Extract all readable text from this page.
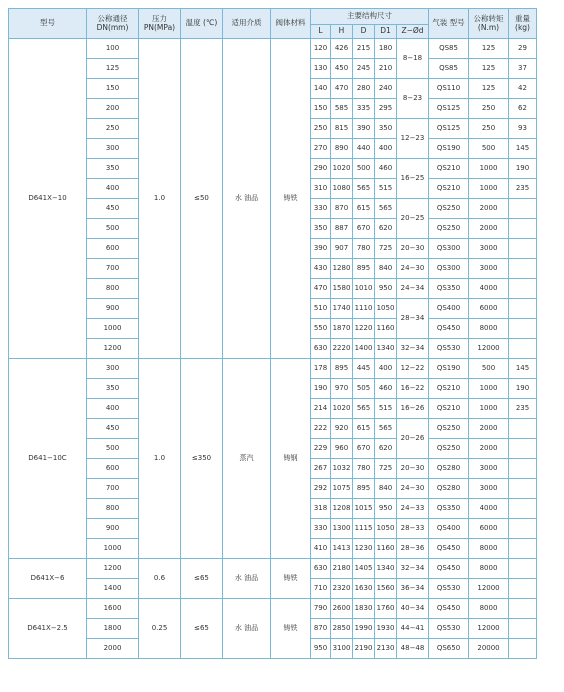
型号	公称通径 DN(mm)	压力 PN(MPa)	温度 (℃)	适用介质	阀体材料	主要结构尺寸					气装 型号	公称转矩 (N.m)	重量 (kg)
						L	H	D	D1	Z−Ød			
D641X−10	100	1.0	≤50	水 油品	铸铁	120	426	215	180	8−18	QS85	125	29
	125					130	450	245	210		QS85	125	37
	150					140	470	280	240	8−23	QS110	125	42
	200					150	585	335	295		QS125	250	62
	250					250	815	390	350	12−23	QS125	250	93
	300					270	890	440	400		QS190	500	145
	350					290	1020	500	460	16−25	QS210	1000	190
	400					310	1080	565	515		QS210	1000	235
	450					330	870	615	565	20−25	QS250	2000	
	500					350	887	670	620		QS250	2000	
	600					390	907	780	725	20−30	QS300	3000	
	700					430	1280	895	840	24−30	QS300	3000	
	800					470	1580	1010	950	24−34	QS350	4000	
	900					510	1740	1110	1050	28−34	QS400	6000	
	1000					550	1870	1220	1160		QS450	8000	
	1200					630	2220	1400	1340	32−34	QS530	12000	
D641−10C	300	1.0	≤350	蒸汽	铸钢	178	895	445	400	12−22	QS190	500	145
	350					190	970	505	460	16−22	QS210	1000	190
	400					214	1020	565	515	16−26	QS210	1000	235
	450					222	920	615	565	20−26	QS250	2000	
	500					229	960	670	620		QS250	2000	
	600					267	1032	780	725	20−30	QS280	3000	
	700					292	1075	895	840	24−30	QS280	3000	
	800					318	1208	1015	950	24−33	QS350	4000	
	900					330	1300	1115	1050	28−33	QS400	6000	
	1000					410	1413	1230	1160	28−36	QS450	8000	
D641X−6	1200	0.6	≤65	水 油品	铸铁	630	2180	1405	1340	32−34	QS450	8000	
	1400					710	2320	1630	1560	36−34	QS530	12000	
D641X−2.5	1600	0.25	≤65	水 油品	铸铁	790	2600	1830	1760	40−34	QS450	8000	
	1800					870	2850	1990	1930	44−41	QS530	12000	
	2000					950	3100	2190	2130	48−48	QS650	20000	
